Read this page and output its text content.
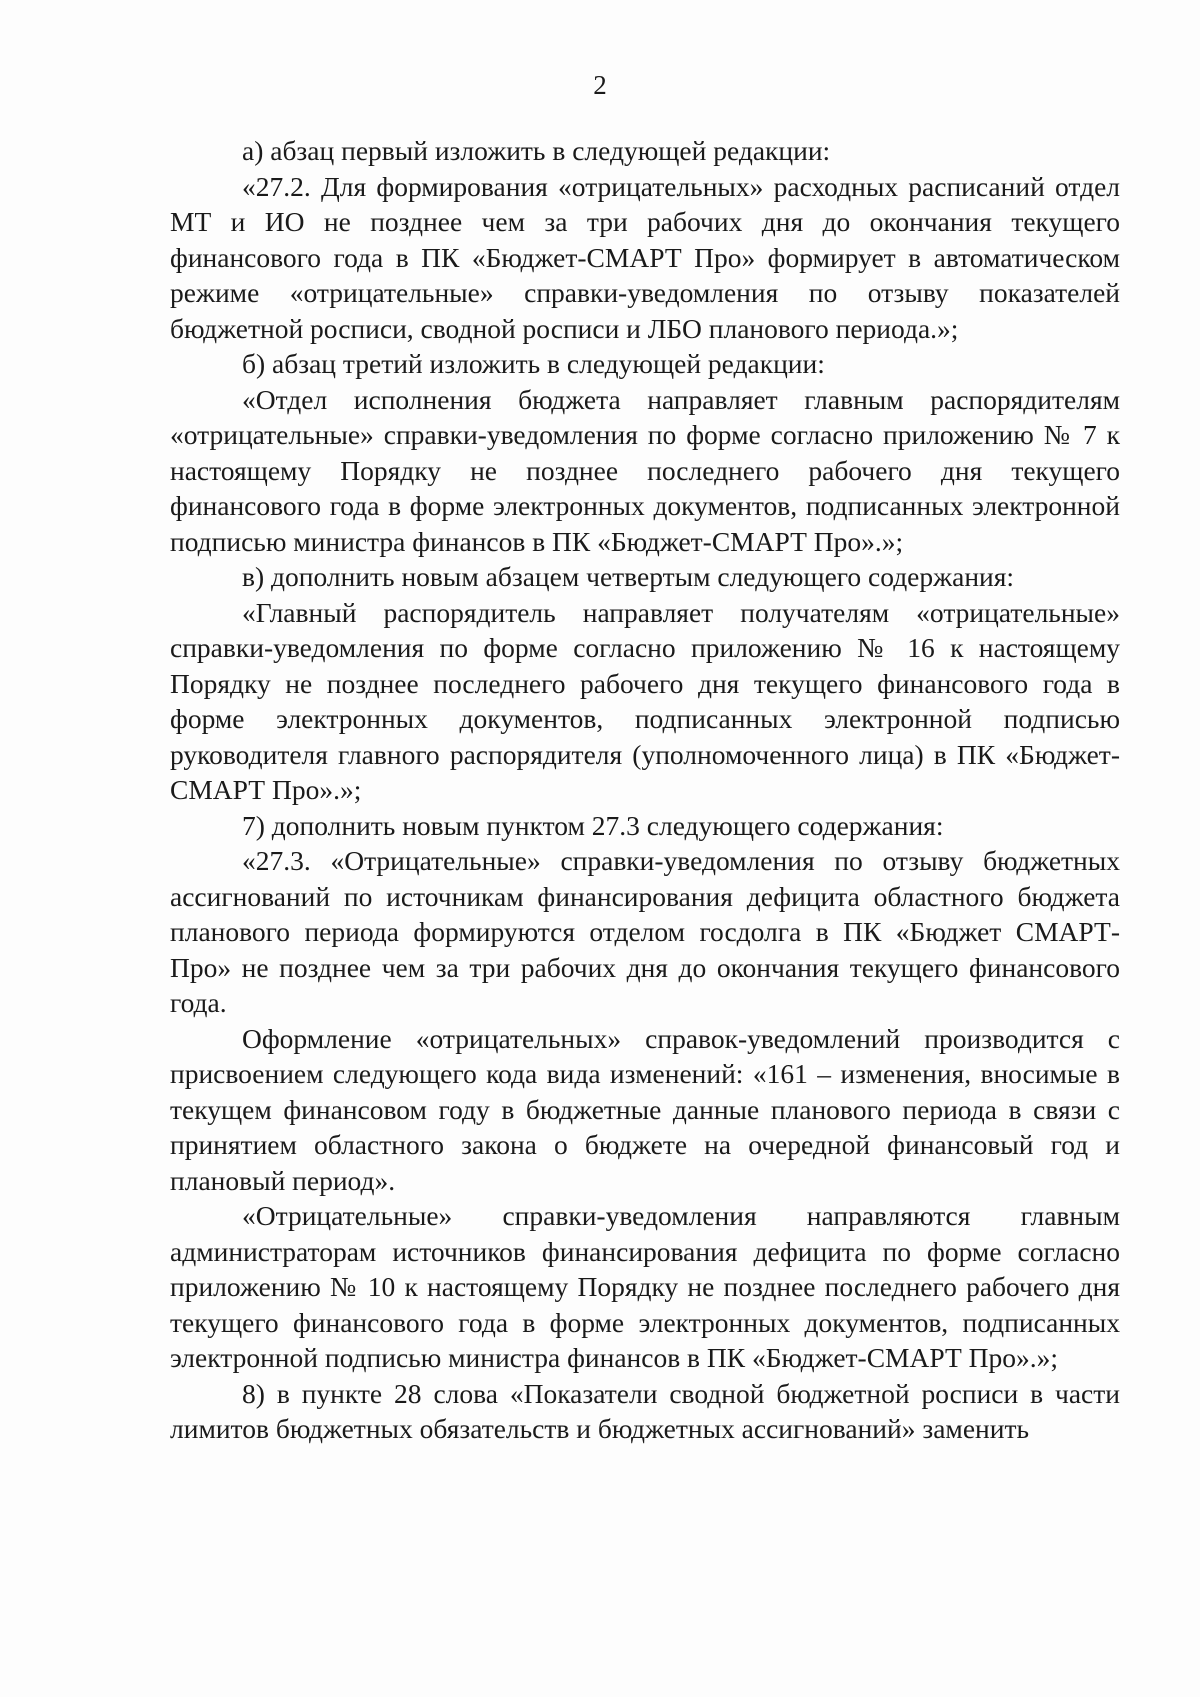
2

а) абзац первый изложить в следующей редакции:

«27.2. Для формирования «отрицательных» расходных расписаний отдел МТ и ИО не позднее чем за три рабочих дня до окончания текущего финансового года в ПК «Бюджет-СМАРТ Про» формирует в автоматическом режиме «отрицательные» справки-уведомления по отзыву показателей бюджетной росписи, сводной росписи и ЛБО планового периода.»;

б) абзац третий изложить в следующей редакции:

«Отдел исполнения бюджета направляет главным распорядителям «отрицательные» справки-уведомления по форме согласно приложению № 7 к настоящему Порядку не позднее последнего рабочего дня текущего финансового года в форме электронных документов, подписанных электронной подписью министра финансов в ПК «Бюджет-СМАРТ Про».»;

в) дополнить новым абзацем четвертым следующего содержания:

«Главный распорядитель направляет получателям «отрицательные» справки-уведомления по форме согласно приложению № 16 к настоящему Порядку не позднее последнего рабочего дня текущего финансового года в форме электронных документов, подписанных электронной подписью руководителя главного распорядителя (уполномоченного лица) в ПК «Бюджет-СМАРТ Про».»;

7) дополнить новым пунктом 27.3 следующего содержания:

«27.3. «Отрицательные» справки-уведомления по отзыву бюджетных ассигнований по источникам финансирования дефицита областного бюджета планового периода формируются отделом госдолга в ПК «Бюджет СМАРТ-Про» не позднее чем за три рабочих дня до окончания текущего финансового года.

Оформление «отрицательных» справок-уведомлений производится с присвоением следующего кода вида изменений: «161 – изменения, вносимые в текущем финансовом году в бюджетные данные планового периода в связи с принятием областного закона о бюджете на очередной финансовый год и плановый период».

«Отрицательные» справки-уведомления направляются главным администраторам источников финансирования дефицита по форме согласно приложению № 10 к настоящему Порядку не позднее последнего рабочего дня текущего финансового года в форме электронных документов, подписанных электронной подписью министра финансов в ПК «Бюджет-СМАРТ Про».»;

8) в пункте 28 слова «Показатели сводной бюджетной росписи в части лимитов бюджетных обязательств и бюджетных ассигнований» заменить
